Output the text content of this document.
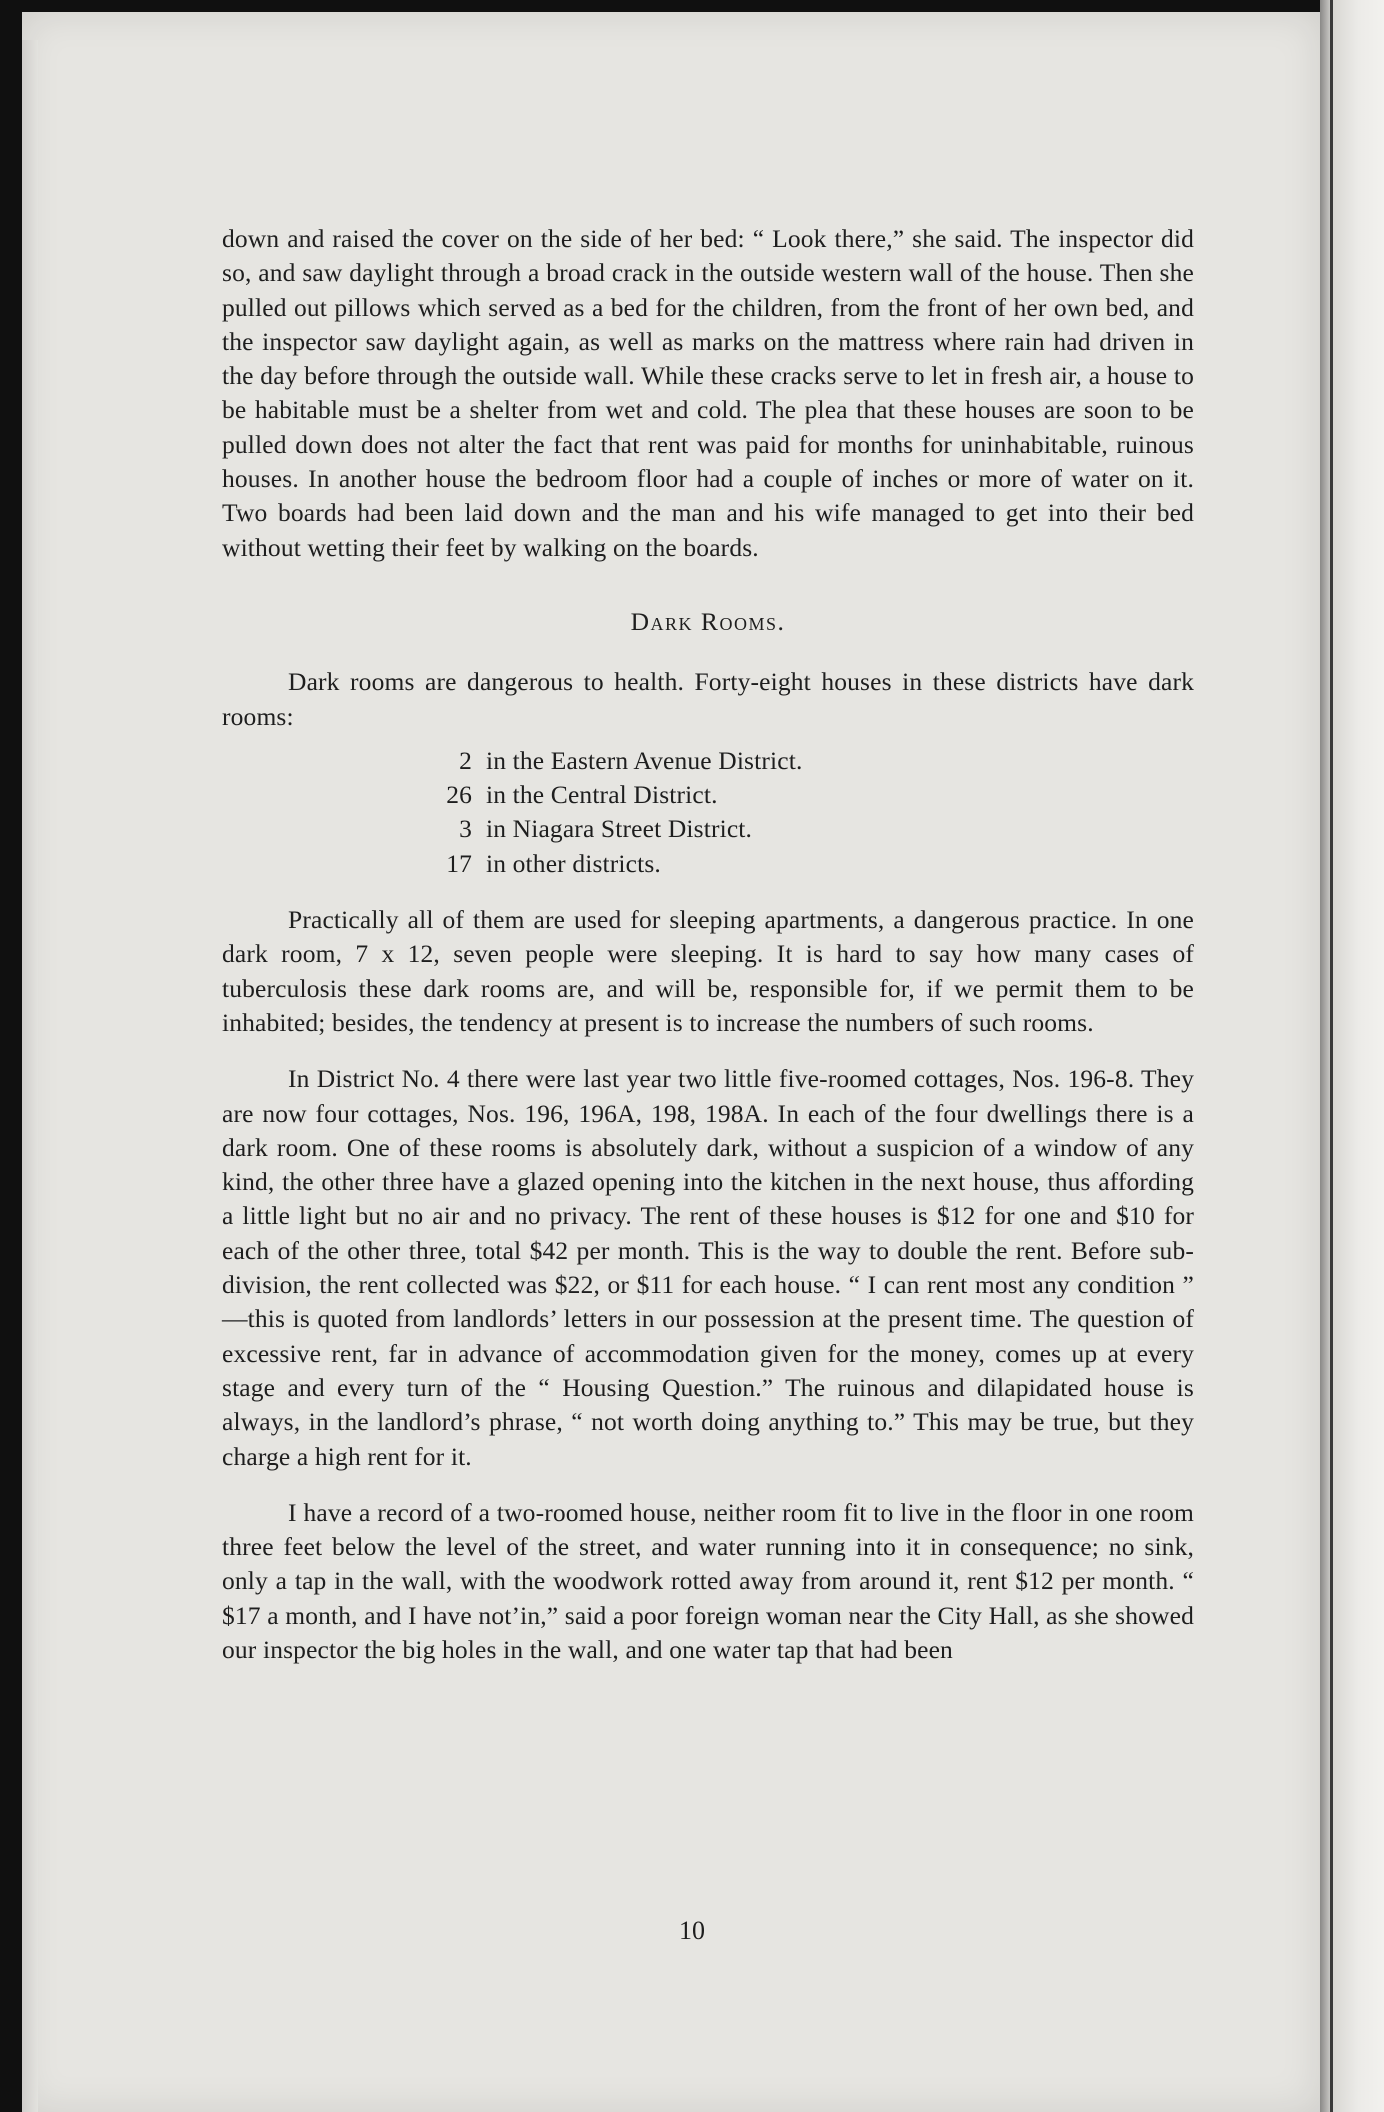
down and raised the cover on the side of her bed: “ Look there,” she said. The inspector did so, and saw daylight through a broad crack in the outside western wall of the house. Then she pulled out pillows which served as a bed for the children, from the front of her own bed, and the inspector saw daylight again, as well as marks on the mattress where rain had driven in the day before through the outside wall. While these cracks serve to let in fresh air, a house to be habitable must be a shelter from wet and cold. The plea that these houses are soon to be pulled down does not alter the fact that rent was paid for months for uninhabitable, ruinous houses. In another house the bedroom floor had a couple of inches or more of water on it. Two boards had been laid down and the man and his wife managed to get into their bed without wetting their feet by walking on the boards.

Dark Rooms.

Dark rooms are dangerous to health. Forty-eight houses in these districts have dark rooms:

2 in the Eastern Avenue District.
26 in the Central District.
3 in Niagara Street District.
17 in other districts.

Practically all of them are used for sleeping apartments, a dangerous practice. In one dark room, 7 x 12, seven people were sleeping. It is hard to say how many cases of tuberculosis these dark rooms are, and will be, responsible for, if we permit them to be inhabited; besides, the tendency at present is to increase the numbers of such rooms.

In District No. 4 there were last year two little five-roomed cottages, Nos. 196-8. They are now four cottages, Nos. 196, 196A, 198, 198A. In each of the four dwellings there is a dark room. One of these rooms is absolutely dark, without a suspicion of a window of any kind, the other three have a glazed opening into the kitchen in the next house, thus affording a little light but no air and no privacy. The rent of these houses is $12 for one and $10 for each of the other three, total $42 per month. This is the way to double the rent. Before sub-division, the rent collected was $22, or $11 for each house. “ I can rent most any condition ” —this is quoted from landlords’ letters in our possession at the present time. The question of excessive rent, far in advance of accommodation given for the money, comes up at every stage and every turn of the “ Housing Question.” The ruinous and dilapidated house is always, in the landlord’s phrase, “ not worth doing anything to.” This may be true, but they charge a high rent for it.

I have a record of a two-roomed house, neither room fit to live in the floor in one room three feet below the level of the street, and water running into it in consequence; no sink, only a tap in the wall, with the woodwork rotted away from around it, rent $12 per month. “ $17 a month, and I have not’in,” said a poor foreign woman near the City Hall, as she showed our inspector the big holes in the wall, and one water tap that had been

10
